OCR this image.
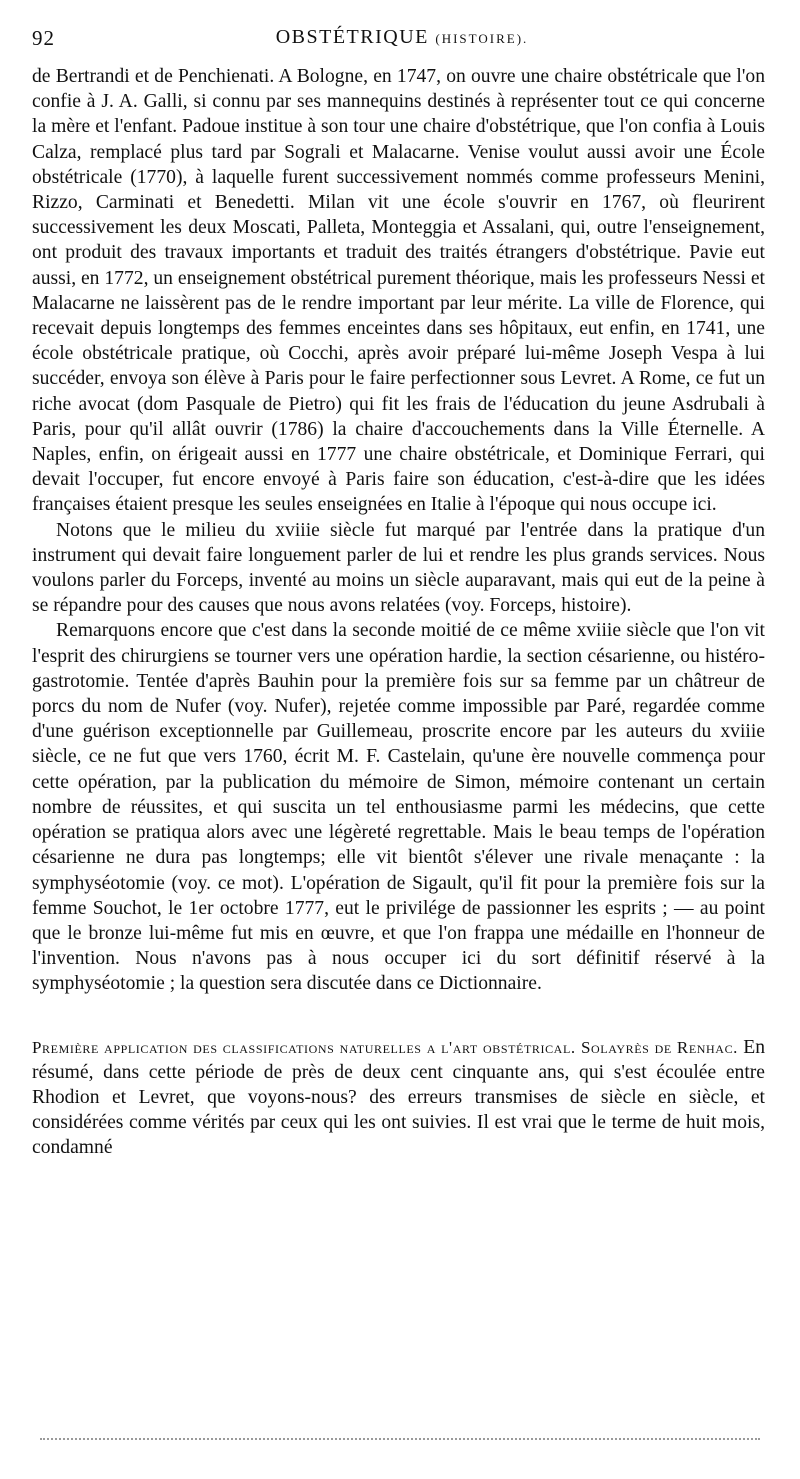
92	OBSTÉTRIQUE (HISTOIRE).

de Bertrandi et de Penchienati. A Bologne, en 1747, on ouvre une chaire obstétricale que l'on confie à J. A. Galli, si connu par ses mannequins destinés à représenter tout ce qui concerne la mère et l'enfant. Padoue institue à son tour une chaire d'obstétrique, que l'on confia à Louis Calza, remplacé plus tard par Sograli et Malacarne. Venise voulut aussi avoir une École obstétricale (1770), à laquelle furent successivement nommés comme professeurs Menini, Rizzo, Carminati et Benedetti. Milan vit une école s'ouvrir en 1767, où fleurirent successivement les deux Moscati, Palleta, Monteggia et Assalani, qui, outre l'enseignement, ont produit des travaux importants et traduit des traités étrangers d'obstétrique. Pavie eut aussi, en 1772, un enseignement obstétrical purement théorique, mais les professeurs Nessi et Malacarne ne laissèrent pas de le rendre important par leur mérite. La ville de Florence, qui recevait depuis longtemps des femmes enceintes dans ses hôpitaux, eut enfin, en 1741, une école obstétricale pratique, où Cocchi, après avoir préparé lui-même Joseph Vespa à lui succéder, envoya son élève à Paris pour le faire perfectionner sous Levret. A Rome, ce fut un riche avocat (dom Pasquale de Pietro) qui fit les frais de l'éducation du jeune Asdrubali à Paris, pour qu'il allât ouvrir (1786) la chaire d'accouchements dans la Ville Éternelle. A Naples, enfin, on érigeait aussi en 1777 une chaire obstétricale, et Dominique Ferrari, qui devait l'occuper, fut encore envoyé à Paris faire son éducation, c'est-à-dire que les idées françaises étaient presque les seules enseignées en Italie à l'époque qui nous occupe ici.

Notons que le milieu du xviiie siècle fut marqué par l'entrée dans la pratique d'un instrument qui devait faire longuement parler de lui et rendre les plus grands services. Nous voulons parler du Forceps, inventé au moins un siècle auparavant, mais qui eut de la peine à se répandre pour des causes que nous avons relatées (voy. Forceps, histoire).

Remarquons encore que c'est dans la seconde moitié de ce même xviiie siècle que l'on vit l'esprit des chirurgiens se tourner vers une opération hardie, la section césarienne, ou histéro-gastrotomie. Tentée d'après Bauhin pour la première fois sur sa femme par un châtreur de porcs du nom de Nufer (voy. Nufer), rejetée comme impossible par Paré, regardée comme d'une guérison exceptionnelle par Guillemeau, proscrite encore par les auteurs du xviiie siècle, ce ne fut que vers 1760, écrit M. F. Castelain, qu'une ère nouvelle commença pour cette opération, par la publication du mémoire de Simon, mémoire contenant un certain nombre de réussites, et qui suscita un tel enthousiasme parmi les médecins, que cette opération se pratiqua alors avec une légèreté regrettable. Mais le beau temps de l'opération césarienne ne dura pas longtemps; elle vit bientôt s'élever une rivale menaçante : la symphyséotomie (voy. ce mot). L'opération de Sigault, qu'il fit pour la première fois sur la femme Souchot, le 1er octobre 1777, eut le privilége de passionner les esprits ; — au point que le bronze lui-même fut mis en œuvre, et que l'on frappa une médaille en l'honneur de l'invention. Nous n'avons pas à nous occuper ici du sort définitif réservé à la symphyséotomie ; la question sera discutée dans ce Dictionnaire.

Première application des classifications naturelles a l'art obstétrical. Solayrès de Renhac. En résumé, dans cette période de près de deux cent cinquante ans, qui s'est écoulée entre Rhodion et Levret, que voyons-nous? des erreurs transmises de siècle en siècle, et considérées comme vérités par ceux qui les ont suivies. Il est vrai que le terme de huit mois, condamné
